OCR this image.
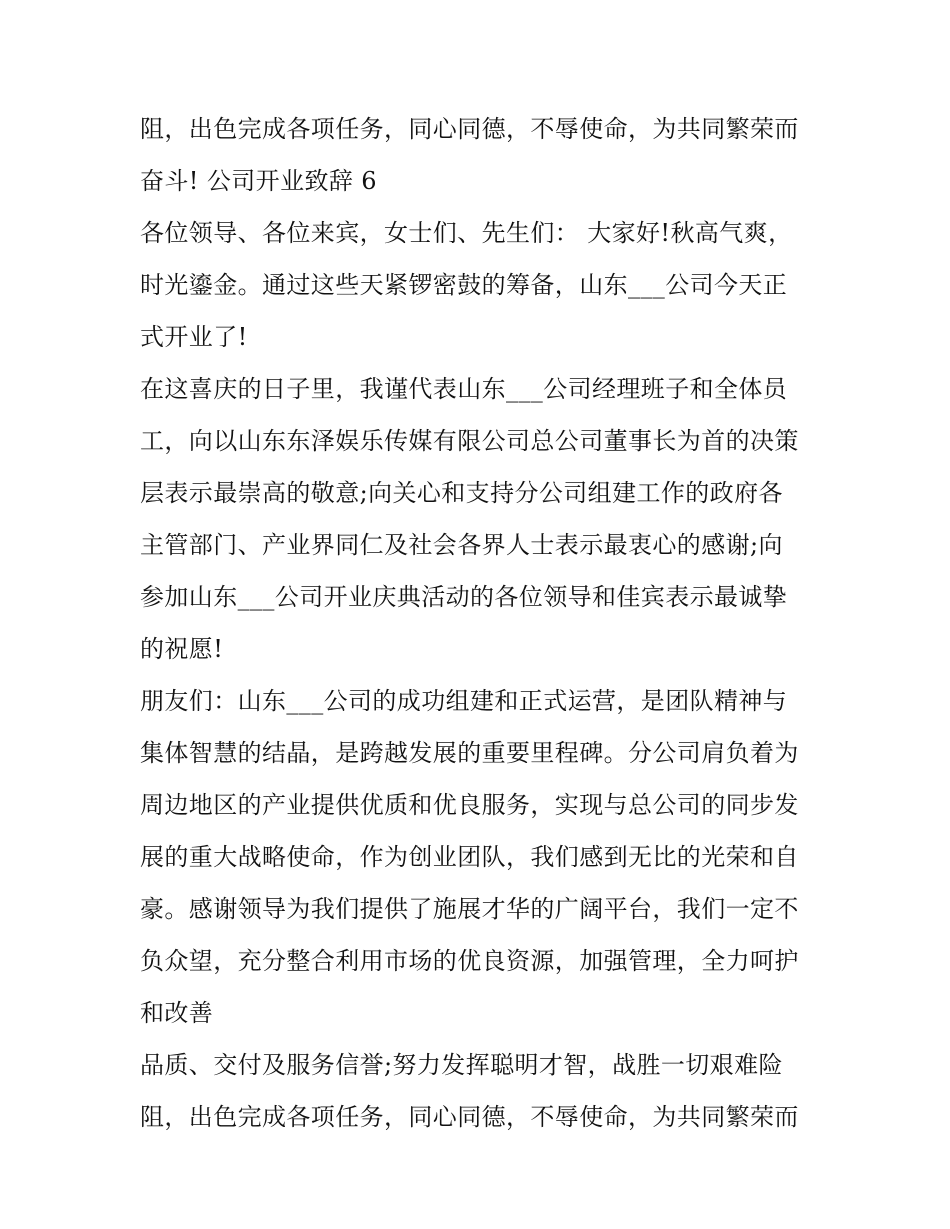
阻，出色完成各项任务，同心同德，不辱使命，为共同繁荣而
奋斗! 公司开业致辞 6
各位领导、各位来宾，女士们、先生们： 大家好!秋高气爽，
时光鎏金。通过这些天紧锣密鼓的筹备，山东___公司今天正
式开业了!
在这喜庆的日子里，我谨代表山东___公司经理班子和全体员
工，向以山东东泽娱乐传媒有限公司总公司董事长为首的决策
层表示最崇高的敬意;向关心和支持分公司组建工作的政府各
主管部门、产业界同仁及社会各界人士表示最衷心的感谢;向
参加山东___公司开业庆典活动的各位领导和佳宾表示最诚挚
的祝愿!
朋友们：山东___公司的成功组建和正式运营，是团队精神与
集体智慧的结晶，是跨越发展的重要里程碑。分公司肩负着为
周边地区的产业提供优质和优良服务，实现与总公司的同步发
展的重大战略使命，作为创业团队，我们感到无比的光荣和自
豪。感谢领导为我们提供了施展才华的广阔平台，我们一定不
负众望，充分整合利用市场的优良资源，加强管理，全力呵护
和改善
品质、交付及服务信誉;努力发挥聪明才智，战胜一切艰难险
阻，出色完成各项任务，同心同德，不辱使命，为共同繁荣而
